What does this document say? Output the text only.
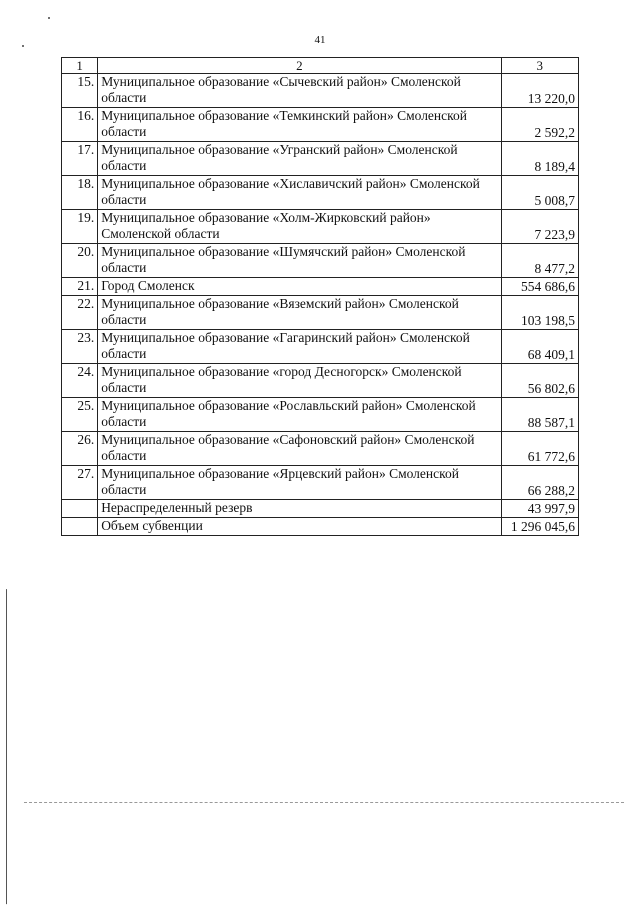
41
1	2	3
15.	Муниципальное образование «Сычевский район» Смоленской области	13 220,0
16.	Муниципальное образование «Темкинский район» Смоленской области	2 592,2
17.	Муниципальное образование «Угранский район» Смоленской области	8 189,4
18.	Муниципальное образование «Хиславичский район» Смоленской области	5 008,7
19.	Муниципальное образование «Холм-Жирковский район» Смоленской области	7 223,9
20.	Муниципальное образование «Шумячский район» Смоленской области	8 477,2
21.	Город Смоленск	554 686,6
22.	Муниципальное образование «Вяземский район» Смоленской области	103 198,5
23.	Муниципальное образование «Гагаринский район» Смоленской области	68 409,1
24.	Муниципальное образование «город Десногорск» Смоленской области	56 802,6
25.	Муниципальное образование «Рославльский район» Смоленской области	88 587,1
26.	Муниципальное образование «Сафоновский район» Смоленской области	61 772,6
27.	Муниципальное образование «Ярцевский район» Смоленской области	66 288,2
	Нераспределенный резерв	43 997,9
	Объем субвенции	1 296 045,6
